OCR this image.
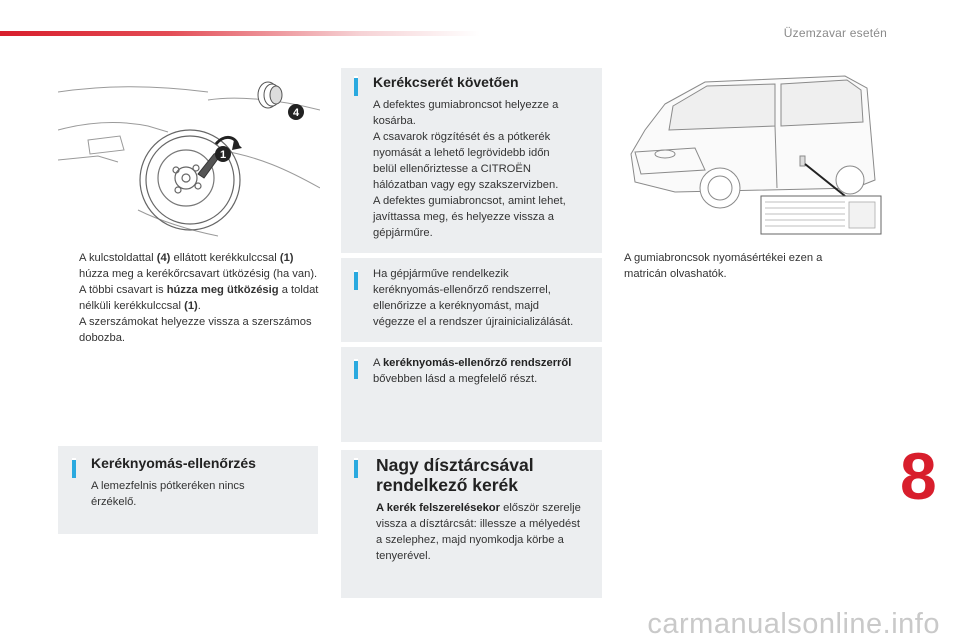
Üzemzavar esetén
4
1
A kulcstoldattal (4) ellátott kerékkulccsal (1) húzza meg a kerékőrcsavart ütközésig (ha van).
A többi csavart is húzza meg ütközésig a toldat nélküli kerékkulccsal (1).
A szerszámokat helyezze vissza a szerszámos dobozba.
Keréknyomás-ellenőrzés
A lemezfelnis pótkeréken nincs érzékelő.
Kerékcserét követően
A defektes gumiabroncsot helyezze a
kosárba.
A csavarok rögzítését és a pótkerék
nyomását a lehető legrövidebb időn
belül ellenőriztesse a CITROËN
hálózatban vagy egy szakszervizben.
A defektes gumiabroncsot, amint lehet,
javíttassa meg, és helyezze vissza a
gépjárműre.
Ha gépjárműve rendelkezik
keréknyomás-ellenőrző rendszerrel,
ellenőrizze a keréknyomást, majd
végezze el a rendszer újrainicializálását.
A keréknyomás-ellenőrző rendszerről bővebben lásd a megfelelő részt.
Nagy dísztárcsával
rendelkező kerék
A kerék felszerelésekor először szerelje vissza a dísztárcsát: illessze a mélyedést a szelephez, majd nyomkodja körbe a tenyerével.
A gumiabroncsok nyomásértékei ezen a matricán olvashatók.
8
carmanualsonline.info
